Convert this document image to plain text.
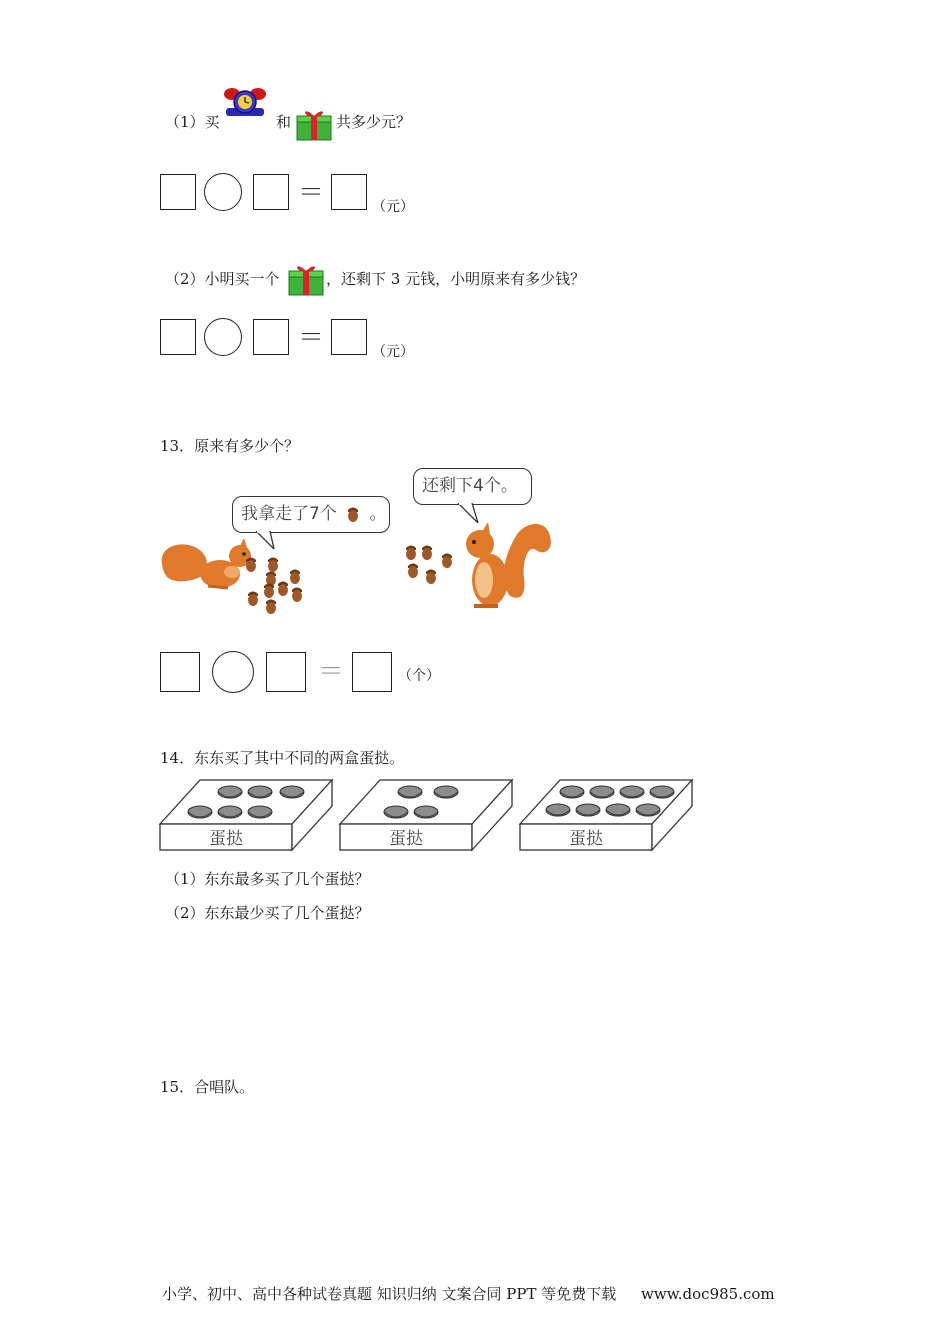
（1）买	和	共多少元？
＝	（元）
（2）小明买一个	，还剩下 3 元钱，小明原来有多少钱？
＝	（元）
13．原来有多少个？
我拿走了7个 。
还剩下4个。
＝	（个）
14．东东买了其中不同的两盒蛋挞。
蛋挞	蛋挞	蛋挞
（1）东东最多买了几个蛋挞？
（2）东东最少买了几个蛋挞？
15．合唱队。
小学、初中、高中各种试卷真题 知识归纳 文案合同 PPT 等免费下载 www.doc985.com
